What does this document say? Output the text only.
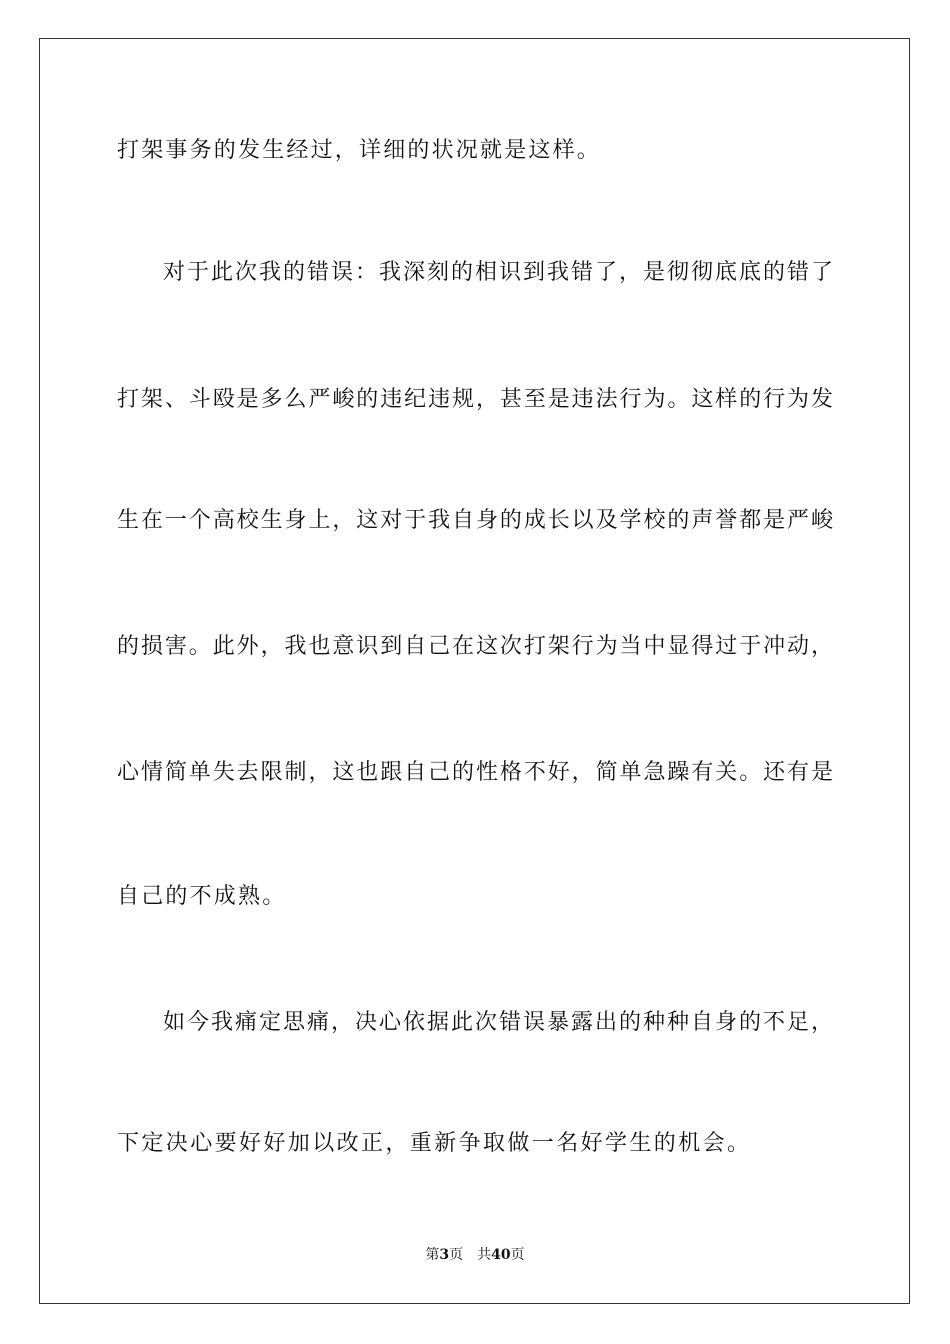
打架事务的发生经过，详细的状况就是这样。
对于此次我的错误：我深刻的相识到我错了，是彻彻底底的错了
打架、斗殴是多么严峻的违纪违规，甚至是违法行为。这样的行为发
生在一个高校生身上，这对于我自身的成长以及学校的声誉都是严峻
的损害。此外，我也意识到自己在这次打架行为当中显得过于冲动，
心情简单失去限制，这也跟自己的性格不好，简单急躁有关。还有是
自己的不成熟。
如今我痛定思痛，决心依据此次错误暴露出的种种自身的不足，
下定决心要好好加以改正，重新争取做一名好学生的机会。
第3页 共40页
